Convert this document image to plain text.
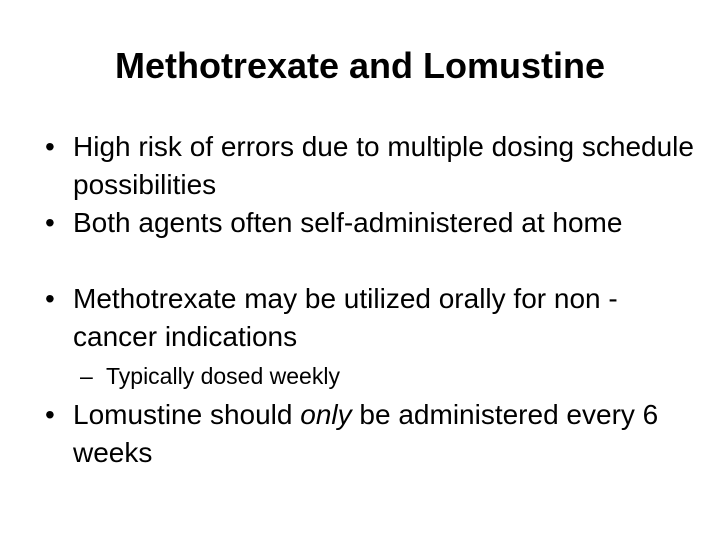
Methotrexate and Lomustine
• High risk of errors due to multiple dosing schedule possibilities
• Both agents often self-administered at home
• Methotrexate may be utilized orally for non -cancer indications
– Typically dosed weekly
• Lomustine should only be administered every 6 weeks
